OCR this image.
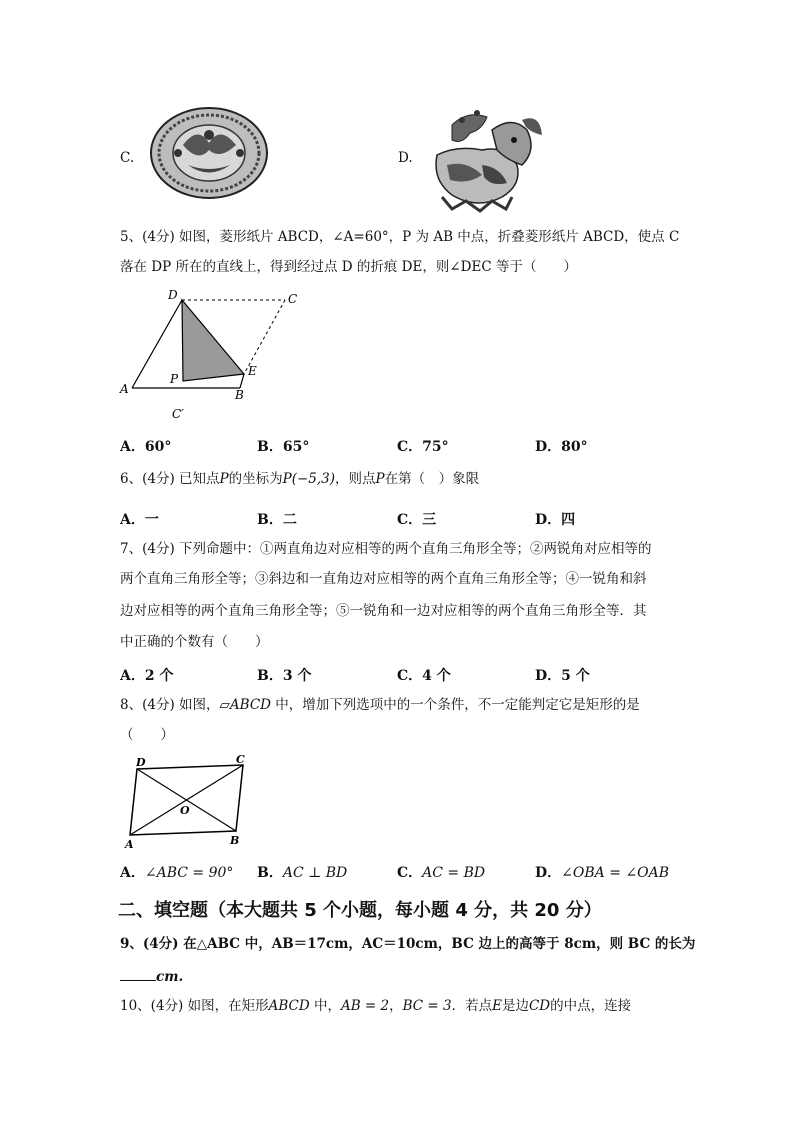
C.	D.
5、(4分) 如图，菱形纸片 ABCD，∠A=60°，P 为 AB 中点，折叠菱形纸片 ABCD，使点 C
落在 DP 所在的直线上，得到经过点 D 的折痕 DE，则∠DEC 等于（　　）
D	C
A
P
E
B
C′
A．60°	B．65°	C．75°	D．80°
6、(4分) 已知点P的坐标为P(−5,3)，则点P在第（　）象限
A．一	B．二	C．三	D．四
7、(4分) 下列命题中：①两直角边对应相等的两个直角三角形全等；②两锐角对应相等的
两个直角三角形全等；③斜边和一直角边对应相等的两个直角三角形全等；④一锐角和斜
边对应相等的两个直角三角形全等；⑤一锐角和一边对应相等的两个直角三角形全等．其
中正确的个数有（　　）
A．2 个	B．3 个	C．4 个	D．5 个
8、(4分) 如图，▱ABCD 中，增加下列选项中的一个条件，不一定能判定它是矩形的是
（　　）
D	C
O
A	B
A．∠ABC = 90° B．AC ⊥ BD	C．AC = BD	D．∠OBA = ∠OAB
二、填空题（本大题共 5 个小题，每小题 4 分，共 20 分）
9、(4分) 在△ABC 中，AB＝17cm，AC＝10cm，BC 边上的高等于 8cm，则 BC 的长为
cm.
10、(4分) 如图，在矩形ABCD 中，AB = 2，BC = 3．若点E是边CD的中点，连接
